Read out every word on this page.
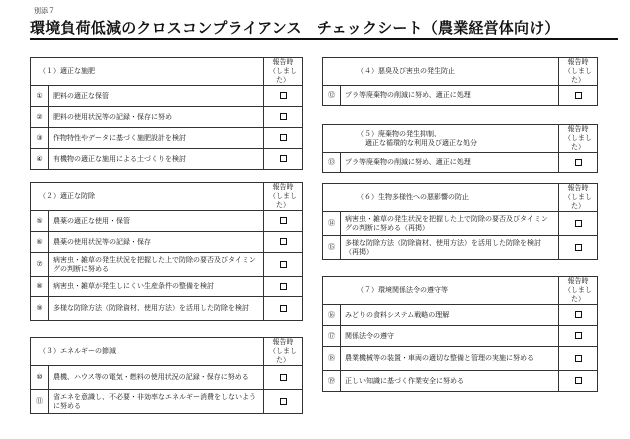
別添７
環境負荷低減のクロスコンプライアンス　チェックシート（農業経営体向け）
（１）適正な施肥		報告時
（しました）

①	肥料の適正な保管	
②	肥料の使用状況等の記録・保存に努め	
③	作物特性やデータに基づく施肥設計を検討	
④	有機物の適正な施用による土づくりを検討	
（２）適正な防除		報告時
（しました）

⑤	農薬の適正な使用・保管	
⑥	農薬の使用状況等の記録・保存	
⑦	病害虫・雑草の発生状況を把握した上で防除の要否及びタイミングの判断に努める	
⑧	病害虫・雑草が発生しにくい生産条件の整備を検討	
⑨	多様な防除方法（防除資材、使用方法）を活用した防除を検討	
（３）エネルギーの節減		報告時
（しました）

⑩	農機、ハウス等の電気・燃料の使用状況の記録・保存に努める	
⑪	省エネを意識し、不必要・非効率なエネルギー消費をしないように努める	
（４）悪臭及び害虫の発生防止		報告時
（しました）

⑫	プラ等廃棄物の削減に努め、適正に処理	
（５）廃棄物の発生抑制、
適正な循環的な利用及び適正な処分		報告時
（しました）

⑬	プラ等廃棄物の削減に努め、適正に処理	
（６）生物多様性への悪影響の防止		報告時
（しました）

⑭	病害虫・雑草の発生状況を把握した上で防除の要否及びタイミングの判断に努める（再掲）	
⑮	多様な防除方法（防除資材、使用方法）を活用した防除を検討（再掲）	
（７）環境関係法令の遵守等		報告時
（しました）

⑯	みどりの食料システム戦略の理解	
⑰	関係法令の遵守	
⑱	農業機械等の装置・車両の適切な整備と管理の実施に努める	
⑲	正しい知識に基づく作業安全に努める	
